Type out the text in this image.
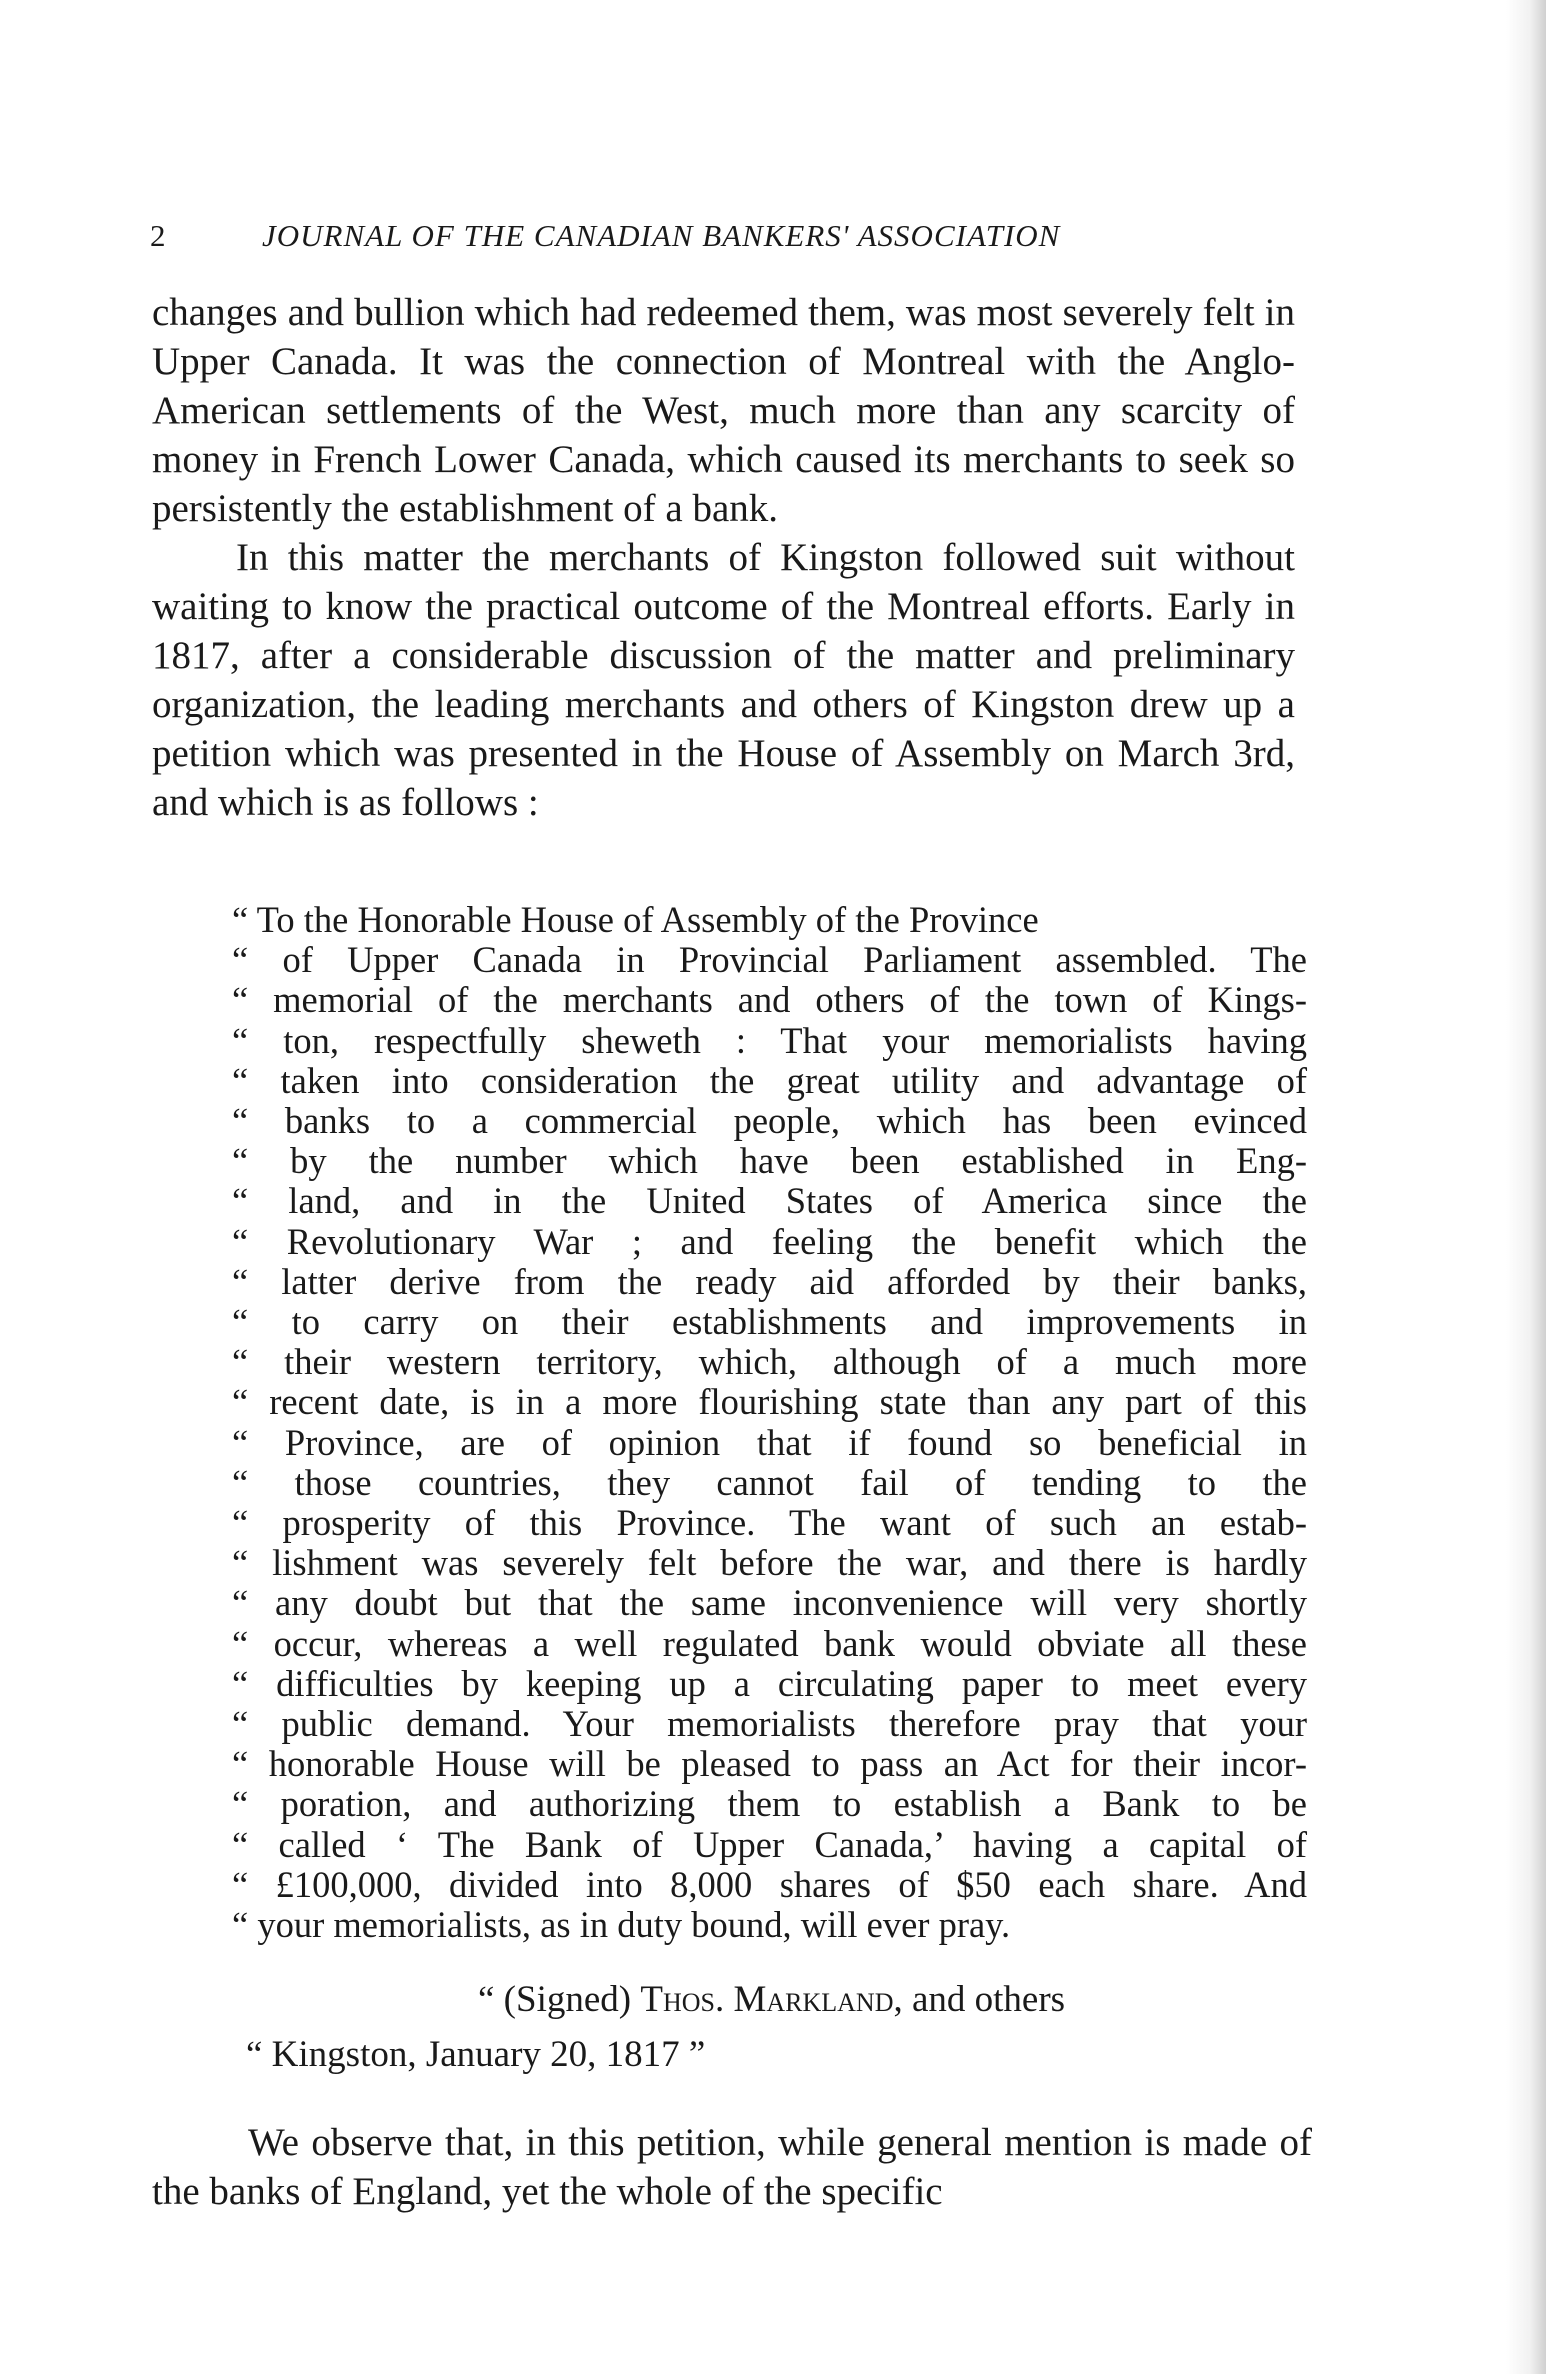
2	JOURNAL OF THE CANADIAN BANKERS' ASSOCIATION

changes and bullion which had redeemed them, was most severely felt in Upper Canada. It was the connection of Montreal with the Anglo-American settlements of the West, much more than any scarcity of money in French Lower Canada, which caused its merchants to seek so persistently the establishment of a bank.

In this matter the merchants of Kingston followed suit without waiting to know the practical outcome of the Montreal efforts. Early in 1817, after a considerable discussion of the matter and preliminary organization, the leading merchants and others of Kingston drew up a petition which was presented in the House of Assembly on March 3rd, and which is as follows :

“ To the Honorable House of Assembly of the Province
“ of Upper Canada in Provincial Parliament assembled. The
“ memorial of the merchants and others of the town of Kings-
“ ton, respectfully sheweth : That your memorialists having
“ taken into consideration the great utility and advantage of
“ banks to a commercial people, which has been evinced
“ by the number which have been established in Eng-
“ land, and in the United States of America since the
“ Revolutionary War ; and feeling the benefit which the
“ latter derive from the ready aid afforded by their banks,
“ to carry on their establishments and improvements in
“ their western territory, which, although of a much more
“ recent date, is in a more flourishing state than any part of this
“ Province, are of opinion that if found so beneficial in
“ those countries, they cannot fail of tending to the
“ prosperity of this Province. The want of such an estab-
“ lishment was severely felt before the war, and there is hardly
“ any doubt but that the same inconvenience will very shortly
“ occur, whereas a well regulated bank would obviate all these
“ difficulties by keeping up a circulating paper to meet every
“ public demand. Your memorialists therefore pray that your
“ honorable House will be pleased to pass an Act for their incor-
“ poration, and authorizing them to establish a Bank to be
“ called ‘ The Bank of Upper Canada,’ having a capital of
“ £100,000, divided into 8,000 shares of $50 each share. And
“ your memorialists, as in duty bound, will ever pray.
“ (Signed) Thos. Markland, and others
“ Kingston, January 20, 1817 ”

We observe that, in this petition, while general mention is made of the banks of England, yet the whole of the specific
